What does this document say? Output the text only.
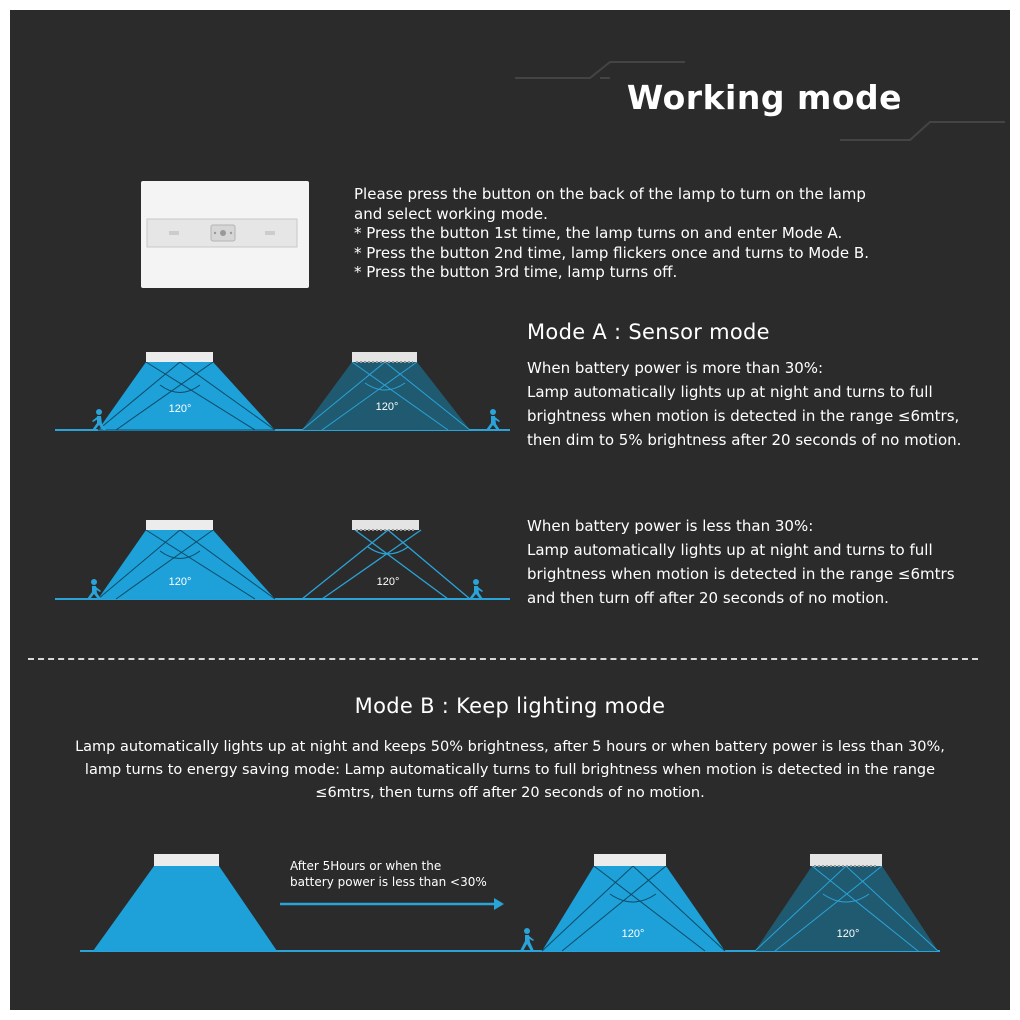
Working mode
Please press the button on the back of the lamp to turn on the lamp
and select working mode.
* Press the button 1st time, the lamp turns on and enter Mode A.
* Press the button 2nd time, lamp flickers once and turns to Mode B.
* Press the button 3rd time, lamp turns off.
120°	120°
Mode A : Sensor mode
When battery power is more than 30%:
Lamp automatically lights up at night and turns to full
brightness when motion is detected in the range ≤6mtrs,
then dim to 5% brightness after 20 seconds of no motion.
120°	120°
When battery power is less than 30%:
Lamp automatically lights up at night and turns to full
brightness when motion is detected in the range ≤6mtrs
and then turn off after 20 seconds of no motion.
Mode B : Keep lighting mode
Lamp automatically lights up at night and keeps 50% brightness, after 5 hours or when battery power is less than 30%,
lamp turns to energy saving mode: Lamp automatically turns to full brightness when motion is detected in the range
≤6mtrs, then turns off after 20 seconds of no motion.
120°	120°
After 5Hours or when the
battery power is less than <30%
